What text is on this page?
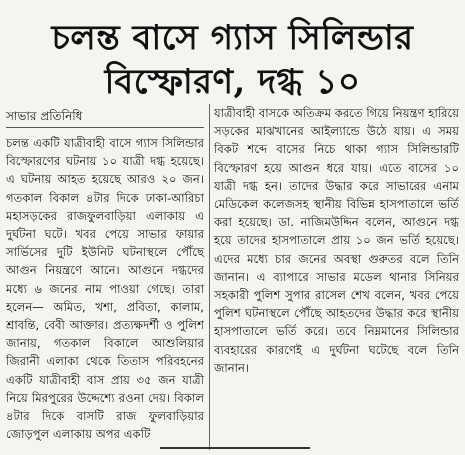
চলন্ত বাসে গ্যাস সিলিন্ডার
বিস্ফোরণ, দগ্ধ ১০
সাভার প্রতিনিধি

চলন্ত একটি যাত্রীবাহী বাসে গ্যাস সিলিন্ডার বিস্ফোরণের ঘটনায় ১০ যাত্রী দগ্ধ হয়েছে। এ ঘটনায় আহত হয়েছে আরও ২০ জন। গতকাল বিকাল ৪টার দিকে ঢাকা-আরিচা মহাসড়কের রাজফুলবাড়িয়া এলাকায় এ দুর্ঘটনা ঘটে। খবর পেয়ে সাভার ফায়ার সার্ভিসের দুটি ইউনিট ঘটনাস্থলে পৌঁছে আগুন নিয়ন্ত্রণে আনে। আগুনে দগ্ধদের মধ্যে ৬ জনের নাম পাওয়া গেছে। তারা হলেন— অমিত, খশা, প্রবিতা, কালাম, শ্রাবন্তি, বেবী আক্তার। প্রত্যক্ষদর্শী ও পুলিশ জানায়, গতকাল বিকালে আশুলিয়ার জিরানী এলাকা থেকে তিতাস পরিবহনের একটি যাত্রীবাহী বাস প্রায় ৩৫ জন যাত্রী নিয়ে মিরপুরের উদ্দেশ্যে রওনা দেয়। বিকাল ৪টার দিকে বাসটি রাজ ফুলবাড়িয়ার জোড়পুল এলাকায় অপর একটি

যাত্রীবাহী বাসকে অতিক্রম করতে গিয়ে নিয়ন্ত্রণ হারিয়ে সড়কের মাঝখানের আইল্যান্ডে উঠে যায়। এ সময় বিকট শব্দে বাসের নিচে থাকা গ্যাস সিলিন্ডারটি বিস্ফোরণ হয়ে আগুন ধরে যায়। এতে বাসের ১০ যাত্রী দগ্ধ হন। তাদের উদ্ধার করে সাভারের এনাম মেডিকেল কলেজসহ স্থানীয় বিভিন্ন হাসপাতালে ভর্তি করা হয়েছে। ডা. নাজিমউদ্দিন বলেন, আগুনে দগ্ধ হয়ে তাদের হাসপাতালে প্রায় ১০ জন ভর্তি হয়েছে। এদের মধ্যে চার জনের অবস্থা গুরুতর বলে তিনি জানান। এ ব্যাপারে সাভার মডেল থানার সিনিয়র সহকারী পুলিশ সুপার রাসেল শেখ বলেন, খবর পেয়ে পুলিশ ঘটনাস্থলে পৌঁছে আহতদের উদ্ধার করে স্থানীয় হাসপাতালে ভর্তি করে। তবে নিম্নমানের সিলিন্ডার ব্যবহারের কারণেই এ দুর্ঘটনা ঘটেছে বলে তিনি জানান।
